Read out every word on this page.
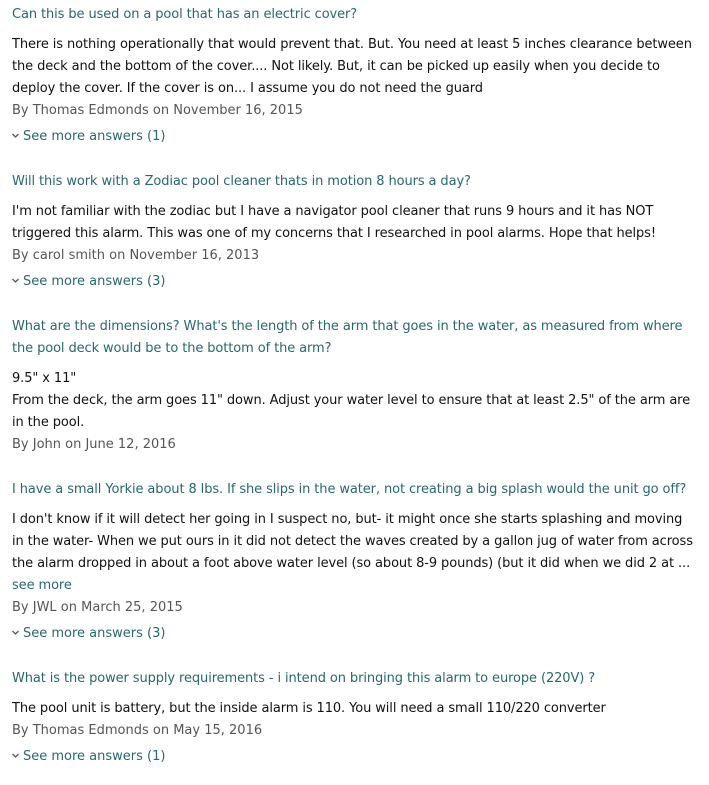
Can this be used on a pool that has an electric cover?
There is nothing operationally that would prevent that. But. You need at least 5 inches clearance between
the deck and the bottom of the cover.... Not likely. But, it can be picked up easily when you decide to
deploy the cover. If the cover is on... I assume you do not need the guard
By Thomas Edmonds on November 16, 2015
See more answers (1)
Will this work with a Zodiac pool cleaner thats in motion 8 hours a day?
I'm not familiar with the zodiac but I have a navigator pool cleaner that runs 9 hours and it has NOT
triggered this alarm. This was one of my concerns that I researched in pool alarms. Hope that helps!
By carol smith on November 16, 2013
See more answers (3)
What are the dimensions? What's the length of the arm that goes in the water, as measured from where
the pool deck would be to the bottom of the arm?
9.5" x 11"
From the deck, the arm goes 11" down. Adjust your water level to ensure that at least 2.5" of the arm are
in the pool.
By John on June 12, 2016
I have a small Yorkie about 8 lbs. If she slips in the water, not creating a big splash would the unit go off?
I don't know if it will detect her going in I suspect no, but- it might once she starts splashing and moving
in the water- When we put ours in it did not detect the waves created by a gallon jug of water from across
the alarm dropped in about a foot above water level (so about 8-9 pounds) (but it did when we did 2 at ...
see more
By JWL on March 25, 2015
See more answers (3)
What is the power supply requirements - i intend on bringing this alarm to europe (220V) ?
The pool unit is battery, but the inside alarm is 110. You will need a small 110/220 converter
By Thomas Edmonds on May 15, 2016
See more answers (1)
